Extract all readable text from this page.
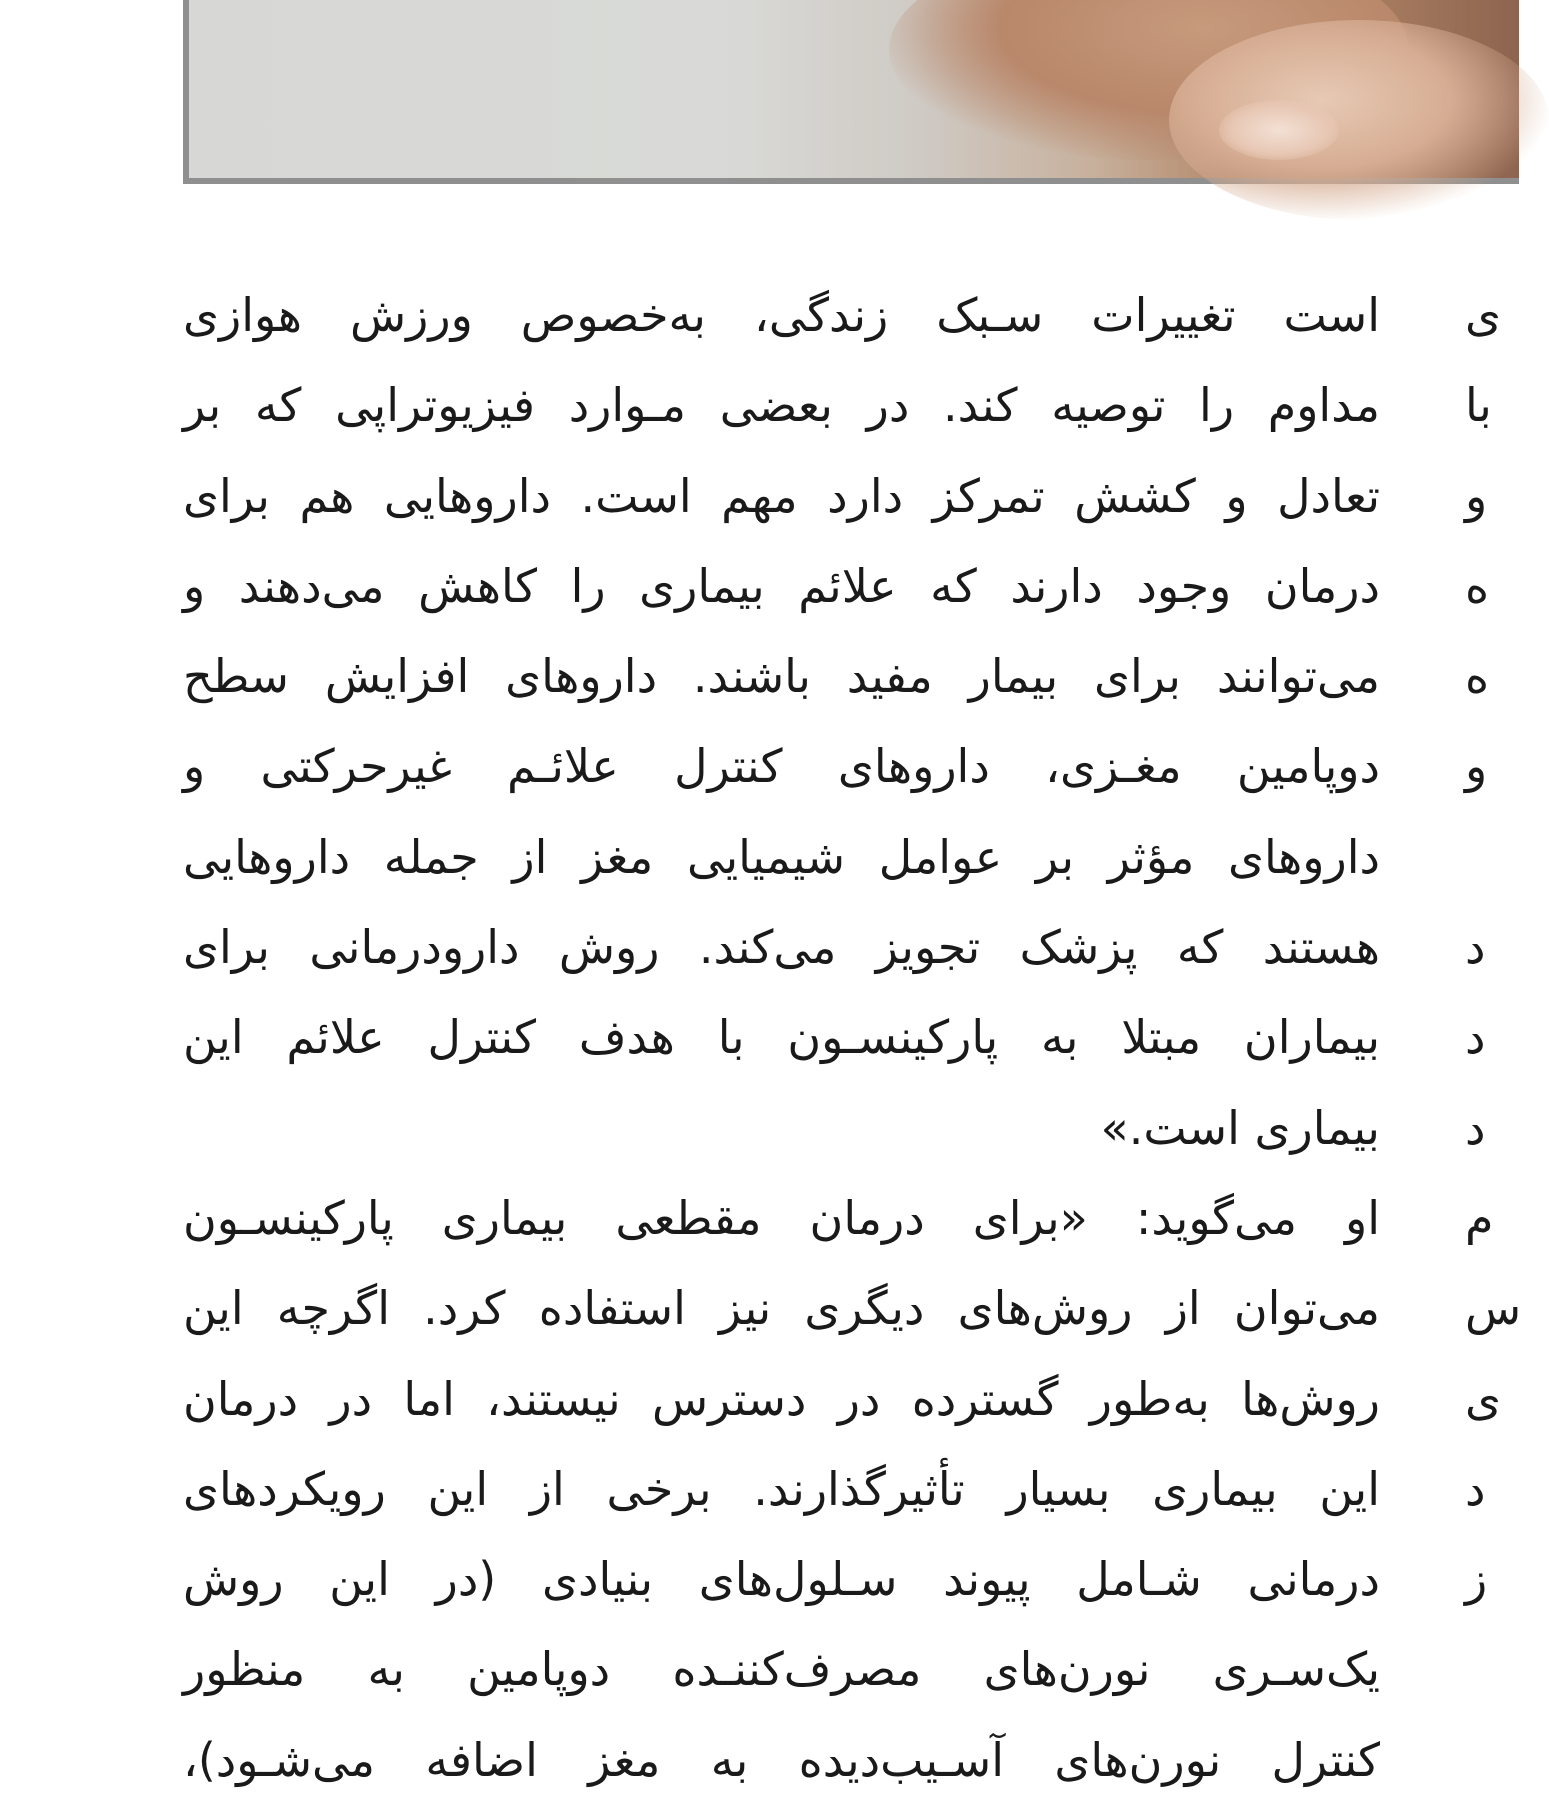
است تغییرات سـبک زندگی، به‌خصوص ورزش هوازی
مداوم را توصیه کند. در بعضی مـوارد فیزیوتراپی که بر
تعادل و کشش تمرکز دارد مهم است. داروهایی هم برای
درمان وجود دارند که علائم بیماری را کاهش می‌دهند و
می‌توانند برای بیمار مفید باشند. داروهای افزایش سطح
دوپامین مغـزی، داروهای کنترل علائـم غیرحرکتی و
داروهای مؤثر بر عوامل شیمیایی مغز از جمله داروهایی
هستند که پزشک تجویز می‌کند. روش دارودرمانی برای
بیماران مبتلا به پارکینسـون با هدف کنترل علائم این
بیماری است.»
او می‌گوید: «برای درمان مقطعی بیماری پارکینسـون
می‌توان از روش‌های دیگری نیز استفاده کرد. اگرچه این
روش‌ها به‌طور گسترده در دسترس نیستند، اما در درمان
این بیماری بسیار تأثیرگذارند. برخی از این رویکردهای
درمانی شـامل پیوند سـلول‌های بنیادی (در این روش
یک‌سـری نورن‌های مصرف‌کننـده دوپامین به منظور
کنترل نورن‌های آسـیب‌دیده به مغز اضافه می‌شـود)،
ى
با
و
ه
ه
و
د
د
د
م
س
ى
د
ز
